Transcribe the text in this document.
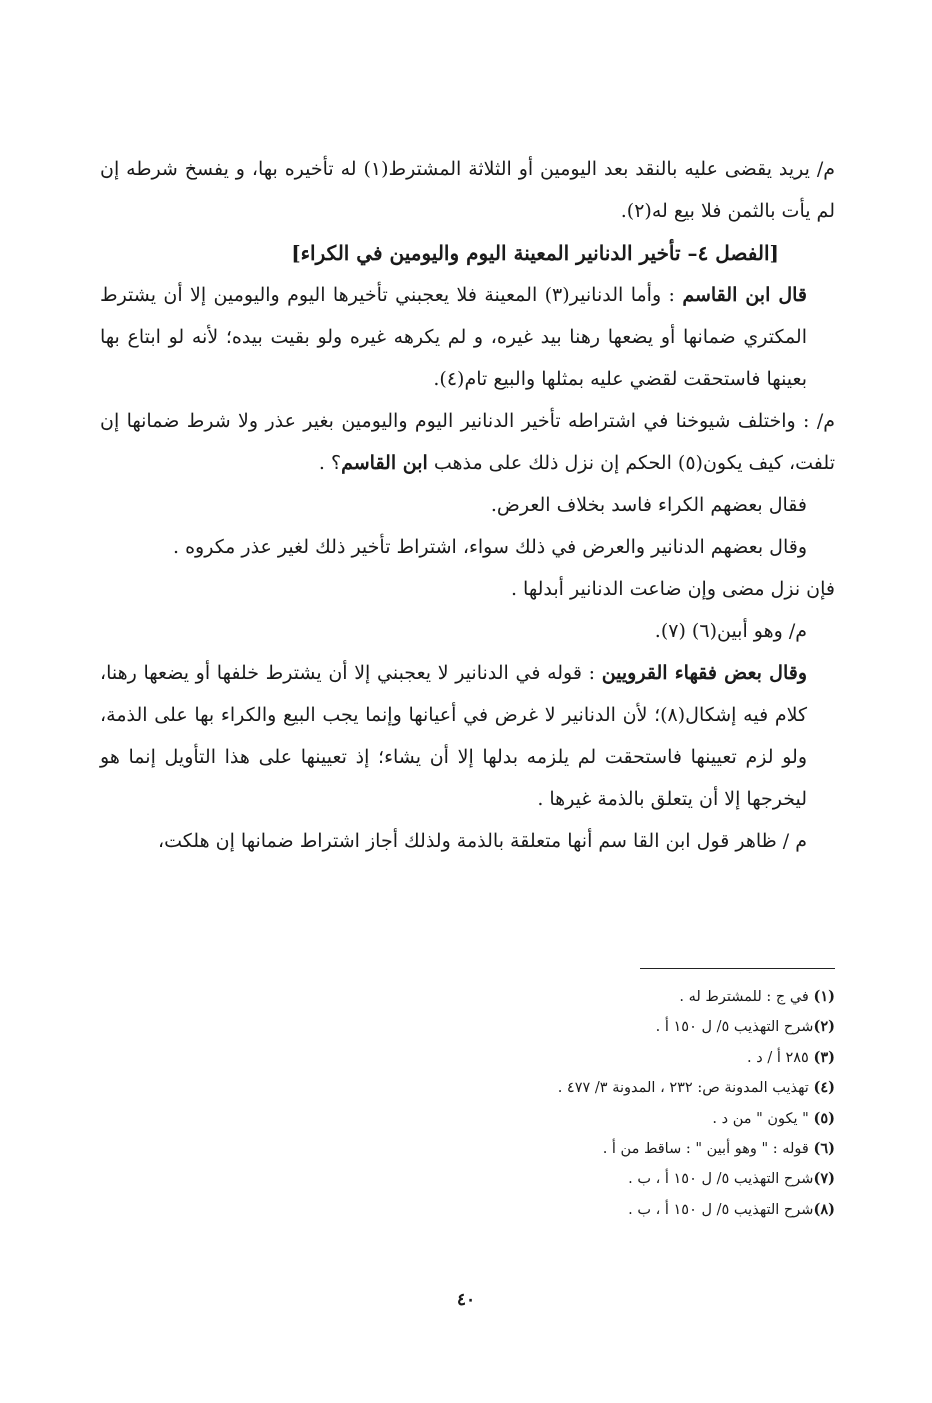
م/ يريد يقضى عليه بالنقد بعد اليومين أو الثلاثة المشترط(١) له تأخيره بها، و يفسخ شرطه إن لم يأت بالثمن فلا بيع له(٢).

[الفصل ٤– تأخير الدنانير المعينة اليوم واليومين في الكراء]

قال ابن القاسم : وأما الدنانير(٣) المعينة فلا يعجبني تأخيرها اليوم واليومين إلا أن يشترط المكتري ضمانها أو يضعها رهنا بيد غيره، و لم يكرهه غيره ولو بقيت بيده؛ لأنه لو ابتاع بها بعينها فاستحقت لقضي عليه بمثلها والبيع تام(٤).

م/ : واختلف شيوخنا في اشتراطه تأخير الدنانير اليوم واليومين بغير عذر ولا شرط ضمانها إن تلفت، كيف يكون(٥) الحكم إن نزل ذلك على مذهب ابن القاسم؟ .

فقال بعضهم الكراء فاسد بخلاف العرض.

وقال بعضهم الدنانير والعرض في ذلك سواء، اشتراط تأخير ذلك لغير عذر مكروه .

فإن نزل مضى وإن ضاعت الدنانير أبدلها .

م/ وهو أبين(٦) (٧).

وقال بعض فقهاء القرويين : قوله في الدنانير لا يعجبني إلا أن يشترط خلفها أو يضعها رهنا، كلام فيه إشكال(٨)؛ لأن الدنانير لا غرض في أعيانها وإنما يجب البيع والكراء بها على الذمة، ولو لزم تعيينها فاستحقت لم يلزمه بدلها إلا أن يشاء؛ إذ تعيينها على هذا التأويل إنما هو ليخرجها إلا أن يتعلق بالذمة غيرها .

م / ظاهر قول ابن القا سم أنها متعلقة بالذمة ولذلك أجاز اشتراط ضمانها إن هلكت،

(١) في ج : للمشترط له .
(٢)شرح التهذيب ٥/ ل ١٥٠ أ .
(٣) ٢٨٥ أ / د .
(٤) تهذيب المدونة ص: ٢٣٢ ، المدونة ٣/ ٤٧٧ .
(٥) " يكون " من د .
(٦) قوله : " وهو أبين " : ساقط من أ .
(٧)شرح التهذيب ٥/ ل ١٥٠ أ ، ب .
(٨)شرح التهذيب ٥/ ل ١٥٠ أ ، ب .
٤٠
